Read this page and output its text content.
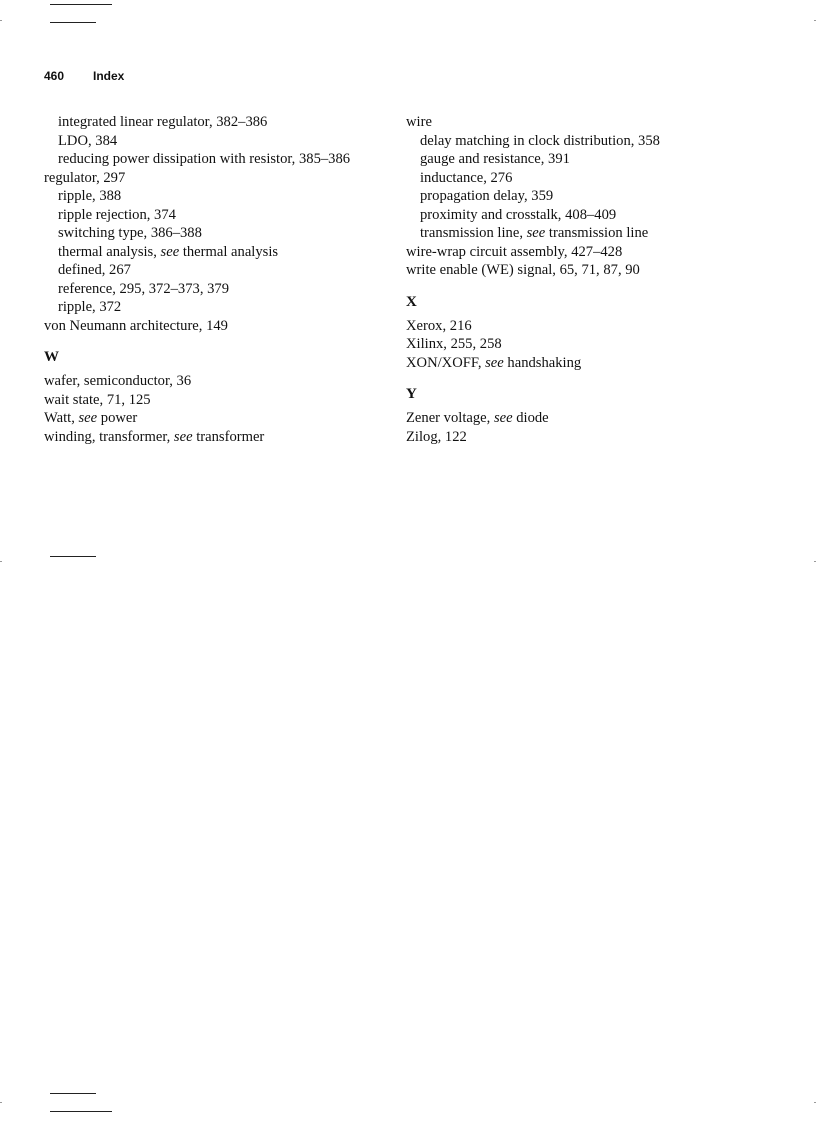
460 Index
integrated linear regulator, 382–386
LDO, 384
reducing power dissipation with resistor, 385–386
regulator, 297
ripple, 388
ripple rejection, 374
switching type, 386–388
thermal analysis, see thermal analysis
defined, 267
reference, 295, 372–373, 379
ripple, 372
von Neumann architecture, 149
W
wafer, semiconductor, 36
wait state, 71, 125
Watt, see power
winding, transformer, see transformer
wire
delay matching in clock distribution, 358
gauge and resistance, 391
inductance, 276
propagation delay, 359
proximity and crosstalk, 408–409
transmission line, see transmission line
wire-wrap circuit assembly, 427–428
write enable (WE) signal, 65, 71, 87, 90
X
Xerox, 216
Xilinx, 255, 258
XON/XOFF, see handshaking
Y
Zener voltage, see diode
Zilog, 122
